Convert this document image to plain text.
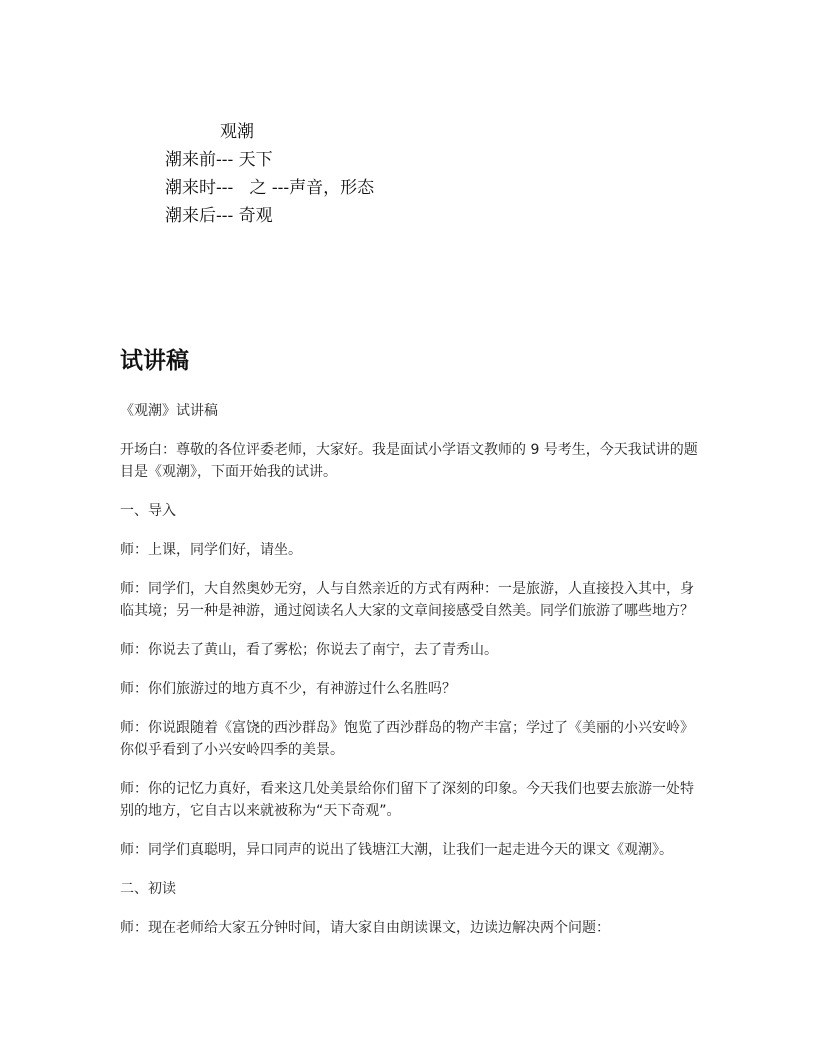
观潮
潮来前--- 天下
潮来时---   之 ---声音，形态
潮来后--- 奇观
试讲稿

《观潮》试讲稿

开场白：尊敬的各位评委老师，大家好。我是面试小学语文教师的 9 号考生，今天我试讲的题目是《观潮》，下面开始我的试讲。

一、导入

师：上课，同学们好，请坐。

师：同学们，大自然奥妙无穷，人与自然亲近的方式有两种：一是旅游，人直接投入其中，身临其境；另一种是神游，通过阅读名人大家的文章间接感受自然美。同学们旅游了哪些地方？

师：你说去了黄山，看了雾松；你说去了南宁，去了青秀山。

师：你们旅游过的地方真不少，有神游过什么名胜吗？

师：你说跟随着《富饶的西沙群岛》饱览了西沙群岛的物产丰富；学过了《美丽的小兴安岭》你似乎看到了小兴安岭四季的美景。

师：你的记忆力真好，看来这几处美景给你们留下了深刻的印象。今天我们也要去旅游一处特别的地方，它自古以来就被称为“天下奇观”。

师：同学们真聪明，异口同声的说出了钱塘江大潮，让我们一起走进今天的课文《观潮》。

二、初读

师：现在老师给大家五分钟时间，请大家自由朗读课文，边读边解决两个问题：
